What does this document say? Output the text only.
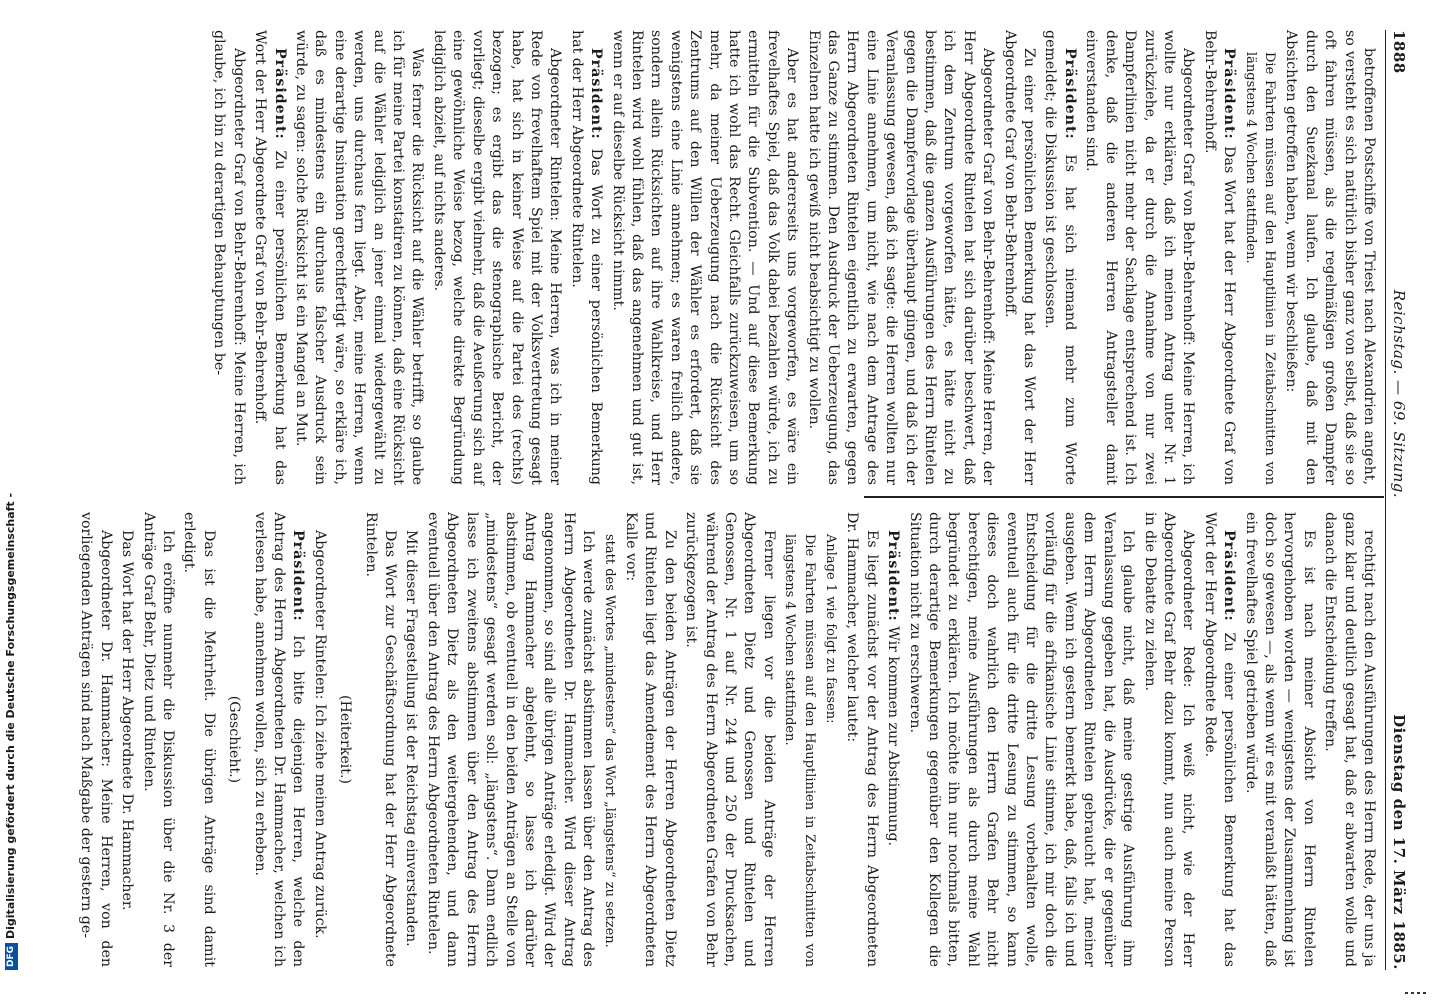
1888
Reichstag. — 69. Sitzung.
Dienstag den 17. März 1885.

betroffenen Postschiffe von Triest nach Alexandrien angeht, so versteht es sich natürlich bisher ganz von selbst, daß sie so oft fahren müssen, als die regelmäßigen großen Dampfer durch den Suezkanal laufen. Ich glaube, daß mit den Absichten getroffen haben, wenn wir beschließen:

Die Fahrten müssen auf den Hauptlinien in Zeitabschnitten von längstens 4 Wochen stattfinden.

Präsident: Das Wort hat der Herr Abgeordnete Graf von Behr-Behrenhoff.

Abgeordneter Graf von Behr-Behrenhoff: Meine Herren, ich wollte nur erklären, daß ich meinen Antrag unter Nr. 1 zurückziehe, da er durch die Annahme von nur zwei Dampferlinien nicht mehr der Sachlage entsprechend ist. Ich denke, daß die anderen Herren Antragsteller damit einverstanden sind.

Präsident: Es hat sich niemand mehr zum Worte gemeldet; die Diskussion ist geschlossen.

Zu einer persönlichen Bemerkung hat das Wort der Herr Abgeordnete Graf von Behr-Behrenhoff.

Abgeordneter Graf von Behr-Behrenhoff: Meine Herren, der Herr Abgeordnete Rintelen hat sich darüber beschwert, daß ich dem Zentrum vorgeworfen hätte, es hätte nicht zu bestimmen, daß die ganzen Ausführungen des Herrn Rintelen gegen die Dampfervorlage überhaupt gingen, und daß ich der Veranlassung gewesen, daß ich sagte: die Herren wollten nur eine Linie annehmen, um nicht, wie nach dem Antrage des Herrn Abgeordneten Rintelen eigentlich zu erwarten, gegen das Ganze zu stimmen. Den Ausdruck der Ueberzeugung, das Einzelnen hatte ich gewiß nicht beabsichtigt zu wollen.

Aber es hat andererseits uns vorgeworfen, es wäre ein frevelhaftes Spiel, daß das Volk dabei bezahlen würde, ich zu ermitteln für die Subvention. — Und auf diese Bemerkung hatte ich wohl das Recht. Gleichfalls zurückzuweisen, um so mehr, da meiner Ueberzeugung nach die Rücksicht des Zentrums auf den Willen der Wähler es erfordert, daß sie wenigstens eine Linie annehmen; es waren freilich andere, sondern allein Rücksichten auf ihre Wahlkreise, und Herr Rintelen wird wohl fühlen, daß das angenehmen und gut ist, wenn er auf dieselbe Rücksicht nimmt.

Präsident: Das Wort zu einer persönlichen Bemerkung hat der Herr Abgeordnete Rintelen.

Abgeordneter Rintelen: Meine Herren, was ich in meiner Rede von frevelhaftem Spiel mit der Volksvertretung gesagt habe, hat sich in keiner Weise auf die Partei des (rechts) bezogen; es ergibt das die stenographische Bericht, der vorliegt; dieselbe ergibt vielmehr, daß die Aeußerung sich auf eine gewöhnliche Weise bezog, welche direkte Begründung lediglich abzielt, auf nichts anderes.

Was ferner die Rücksicht auf die Wähler betrifft, so glaube ich für meine Partei konstatiren zu können, daß eine Rücksicht auf die Wähler lediglich an jener einmal wiedergewählt zu werden, uns durchaus fern liegt. Aber, meine Herren, wenn eine derartige Insinuation gerechtfertigt wäre, so erkläre ich, daß es mindestens ein durchaus falscher Ausdruck sein würde, zu sagen: solche Rücksicht ist ein Mangel an Mut.

Präsident: Zu einer persönlichen Bemerkung hat das Wort der Herr Abgeordnete Graf von Behr-Behrenhoff.

Abgeordneter Graf von Behr-Behrenhoff: Meine Herren, ich glaube, ich bin zu derartigen Behauptungen be-

rechtigt nach den Ausführungen des Herrn Rede, der uns ja ganz klar und deutlich gesagt hat, daß er abwarten wolle und danach die Entscheidung treffen.

Es ist nach meiner Absicht von Herrn Rintelen hervorgehoben worden — wenigstens der Zusammenhang ist doch so gewesen —, als wenn wir es mit veranlaßt hätten, daß ein frevelhaftes Spiel getrieben würde.

Präsident: Zu einer persönlichen Bemerkung hat das Wort der Herr Abgeordnete Rede.

Abgeordneter Rede: Ich weiß nicht, wie der Herr Abgeordnete Graf Behr dazu kommt, nun auch meine Person in die Debatte zu ziehen.

Ich glaube nicht, daß meine gestrige Ausführung ihm Veranlassung gegeben hat, die Ausdrücke, die er gegenüber dem Herrn Abgeordneten Rintelen gebraucht hat, meiner ausgeben. Wenn ich gestern bemerkt habe, daß, falls ich und vorläufig für die afrikanische Linie stimme, ich mir doch die Entscheidung für die dritte Lesung vorbehalten wolle, eventuell auch für die dritte Lesung zu stimmen, so kann dieses doch wahrlich den Herrn Grafen Behr nicht berechtigen, meine Ausführungen als durch meine Wahl begründet zu erklären. Ich möchte ihn nur nochmals bitten, durch derartige Bemerkungen gegenüber den Kollegen die Situation nicht zu erschweren.

Präsident: Wir kommen zur Abstimmung.

Es liegt zunächst vor der Antrag des Herrn Abgeordneten Dr. Hammacher, welcher lautet:

Anlage 1 wie folgt zu fassen:

Die Fahrten müssen auf den Hauptlinien in Zeitabschnitten von längstens 4 Wochen stattfinden.

Ferner liegen vor die beiden Anträge der Herren Abgeordneten Dietz und Genossen und Rintelen und Genossen, Nr. 1 auf Nr. 244 und 250 der Drucksachen, während der Antrag des Herrn Abgeordneten Grafen von Behr zurückgezogen ist.

Zu den beiden Anträgen der Herren Abgeordneten Dietz und Rintelen liegt das Amendement des Herrn Abgeordneten Kalle vor:

statt des Wortes „mindestens“ das Wort „längstens“ zu setzen.

Ich werde zunächst abstimmen lassen über den Antrag des Herrn Abgeordneten Dr. Hammacher. Wird dieser Antrag angenommen, so sind alle übrigen Anträge erledigt. Wird der Antrag Hammacher abgelehnt, so lasse ich darüber abstimmen, ob eventuell in den beiden Anträgen an Stelle von „mindestens“ gesagt werden soll: „längstens“. Dann endlich lasse ich zweitens abstimmen über den Antrag des Herrn Abgeordneten Dietz als den weitergehenden, und dann eventuell über den Antrag des Herrn Abgeordneten Rintelen.

Mit dieser Fragestellung ist der Reichstag einverstanden.

Das Wort zur Geschäftsordnung hat der Herr Abgeordnete Rintelen.

(Heiterkeit.)

Abgeordneter Rintelen: Ich ziehe meinen Antrag zurück.

Präsident: Ich bitte diejenigen Herren, welche den Antrag des Herrn Abgeordneten Dr. Hammacher, welchen ich verlesen habe, annehmen wollen, sich zu erheben.

(Geschieht.)

Das ist die Mehrheit. Die übrigen Anträge sind damit erledigt.

Ich eröffne nunmehr die Diskussion über die Nr. 3 der Anträge Graf Behr, Dietz und Rintelen.

Das Wort hat der Herr Abgeordnete Dr. Hammacher.

Abgeordneter Dr. Hammacher: Meine Herren, von den vorliegenden Anträgen sind nach Maßgabe der gestern ge-

DFGDigitalisierung gefördert durch die Deutsche Forschungsgemeinschaft -
